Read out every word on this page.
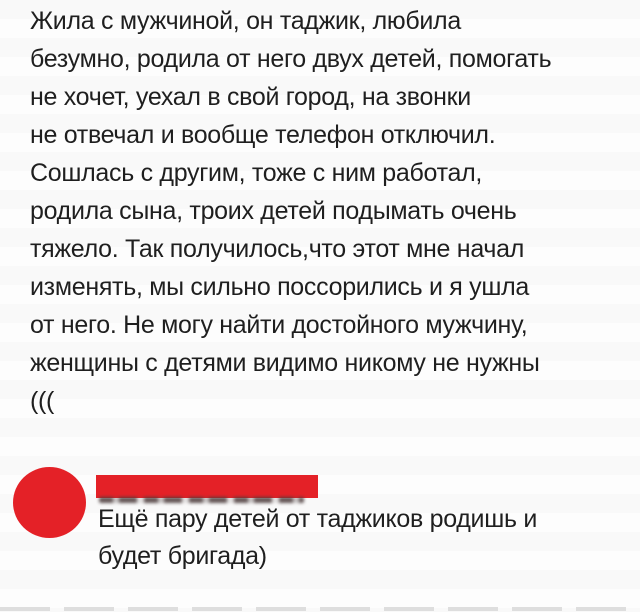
Жила с мужчиной, он таджик, любила
безумно, родила от него двух детей, помогать
не хочет, уехал в свой город, на звонки
не отвечал и вообще телефон отключил.
Сошлась с другим, тоже с ним работал,
родила сына, троих детей подымать очень
тяжело. Так получилось,что этот мне начал
изменять, мы сильно поссорились и я ушла
от него. Не могу найти достойного мужчину,
женщины с детями видимо никому не нужны
(((
Ещё пару детей от таджиков родишь и
будет бригада)
